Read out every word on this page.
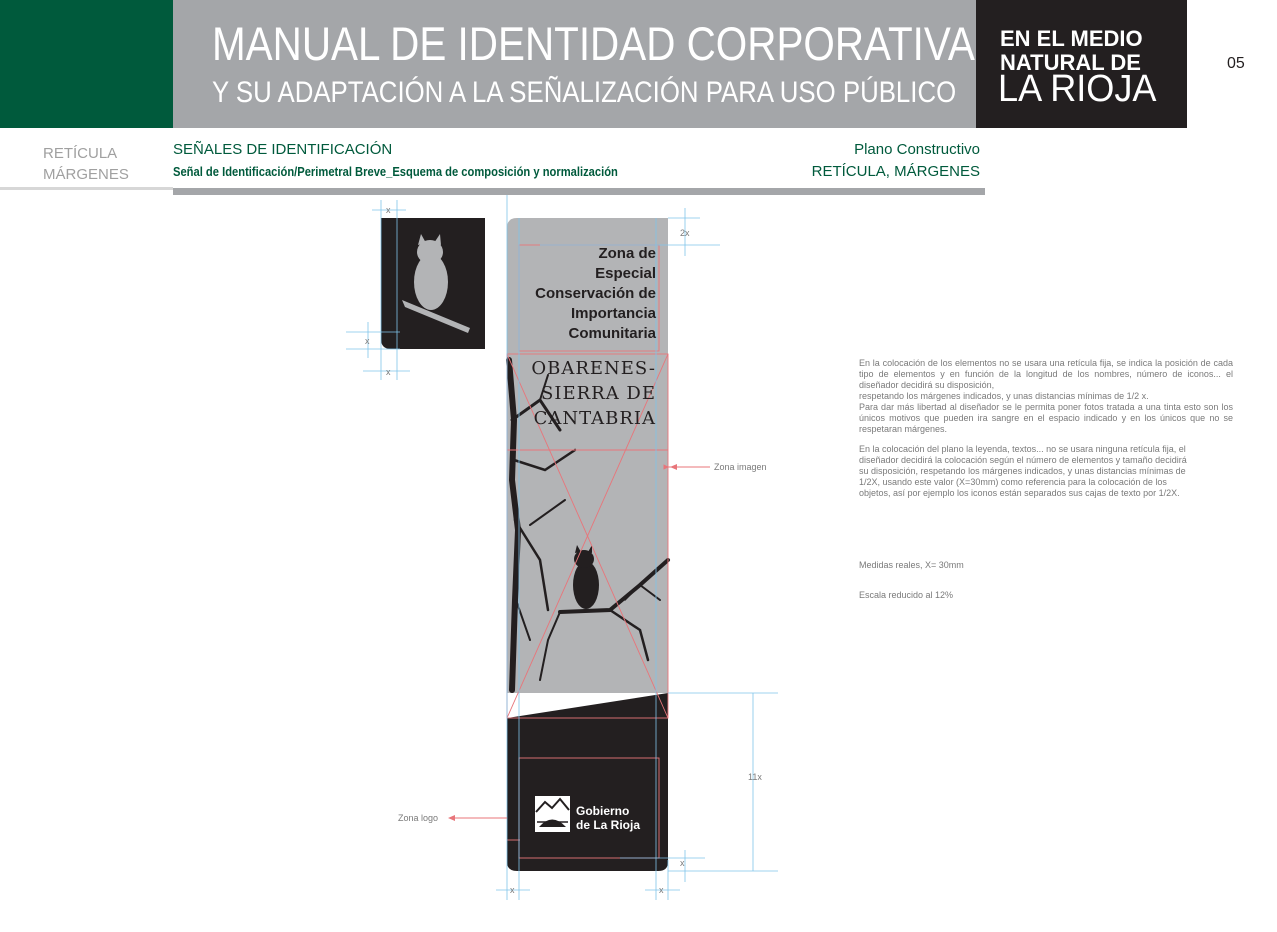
MANUAL DE IDENTIDAD CORPORATIVA
Y SU ADAPTACIÓN A LA SEÑALIZACIÓN PARA USO PÚBLICO
EN EL MEDIO
NATURAL DE
LA RIOJA
05
RETÍCULA
MÁRGENES
SEÑALES DE IDENTIFICACIÓN
Señal de Identificación/Perimetral Breve_Esquema de composición y normalización
Plano Constructivo
RETÍCULA, MÁRGENES
x
x
x
2x
11x
x
x	x
Zona imagen
Zona logo
Zona de
Especial
Conservación de
Importancia
Comunitaria
OBARENES-
SIERRA DE
CANTABRIA
Gobierno
de La Rioja
En la colocación de los elementos no se usara una retícula fija, se indica la posición de cada tipo de elementos y en función de la longitud de los nombres, número de iconos... el diseñador decidirá su disposición,
respetando los márgenes indicados, y unas distancias mínimas de 1/2 x.
Para dar más libertad al diseñador se le permita poner fotos tratada a una tinta esto son los únicos motivos que pueden ira sangre en el espacio indicado y en los únicos que no se respetaran márgenes.
En la colocación del plano la leyenda, textos... no se usara ninguna retícula fija, el diseñador decidirá la colocación según el número de elementos y tamaño decidirá su disposición, respetando los márgenes indicados, y unas distancias mínimas de 1/2X, usando este valor (X=30mm) como referencia para la colocación de los objetos, así por ejemplo los iconos están separados sus cajas de texto por 1/2X.
Medidas reales, X= 30mm
Escala reducido al 12%
